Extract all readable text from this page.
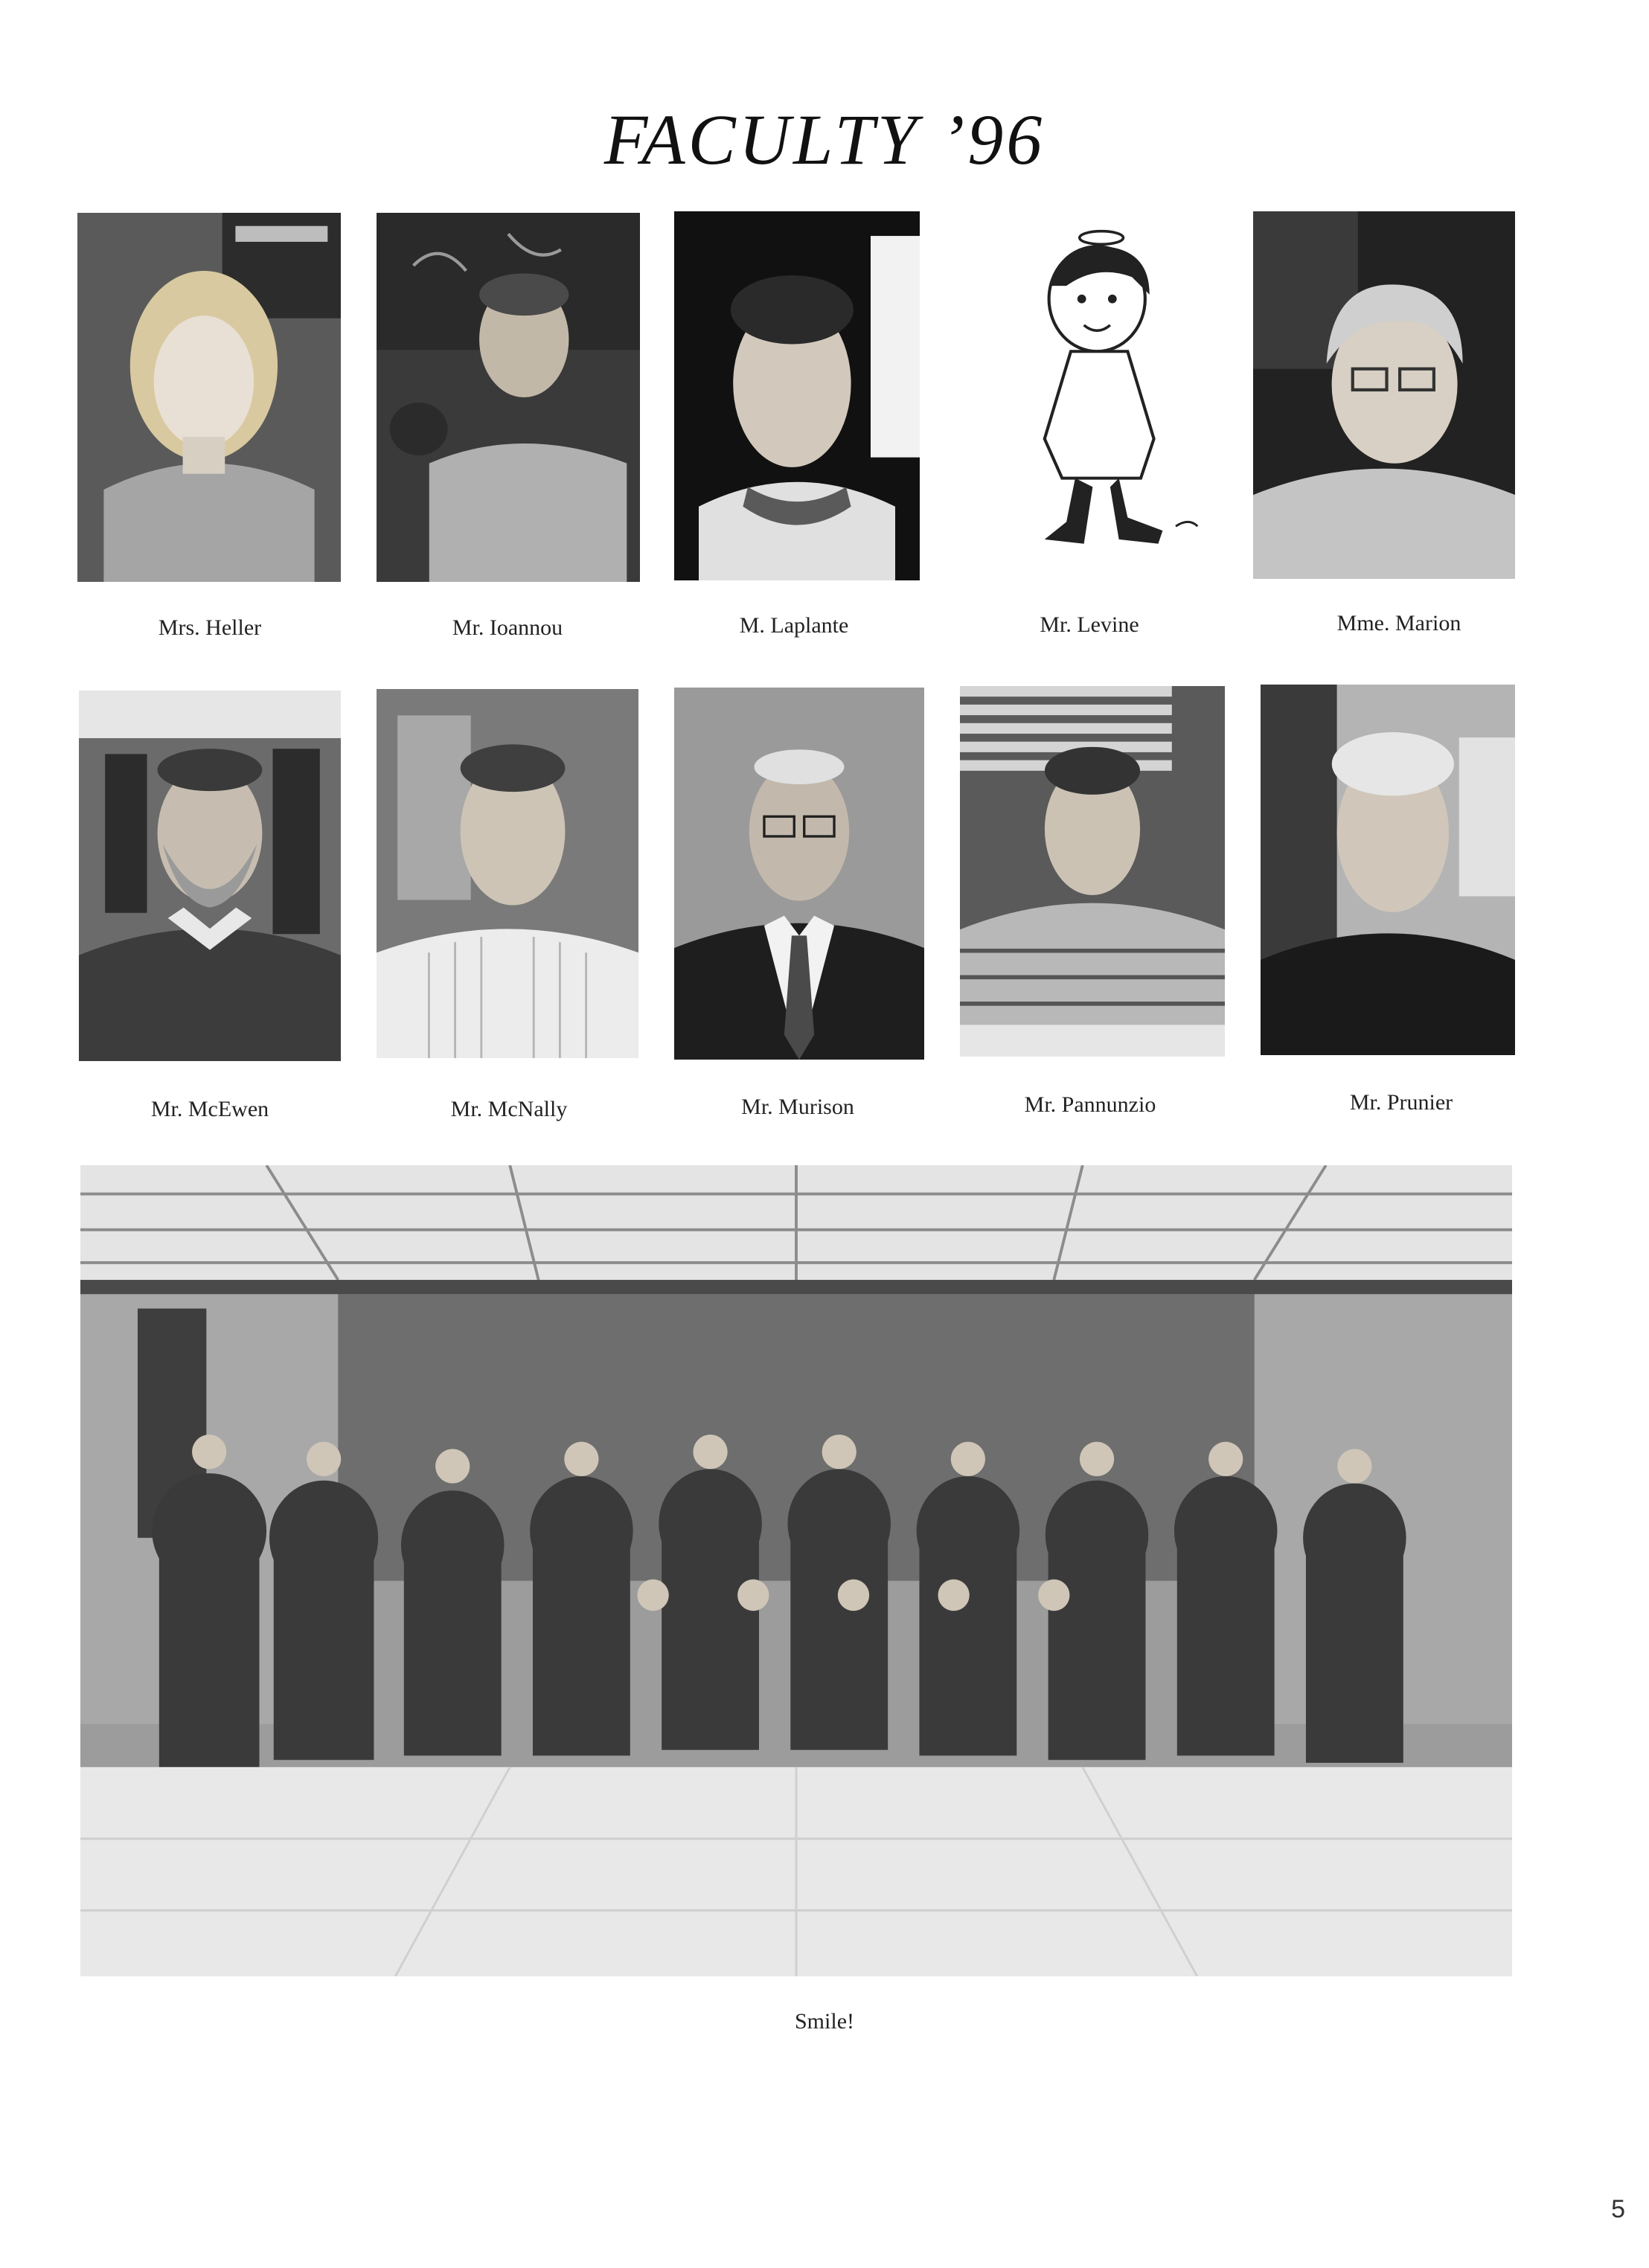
FACULTY ’96
Mrs. Heller	Mr. Ioannou	M. Laplante	Mr. Levine	Mme. Marion
Mr. McEwen	Mr. McNally	Mr. Murison	Mr. Pannunzio	Mr. Prunier
Smile!
5
